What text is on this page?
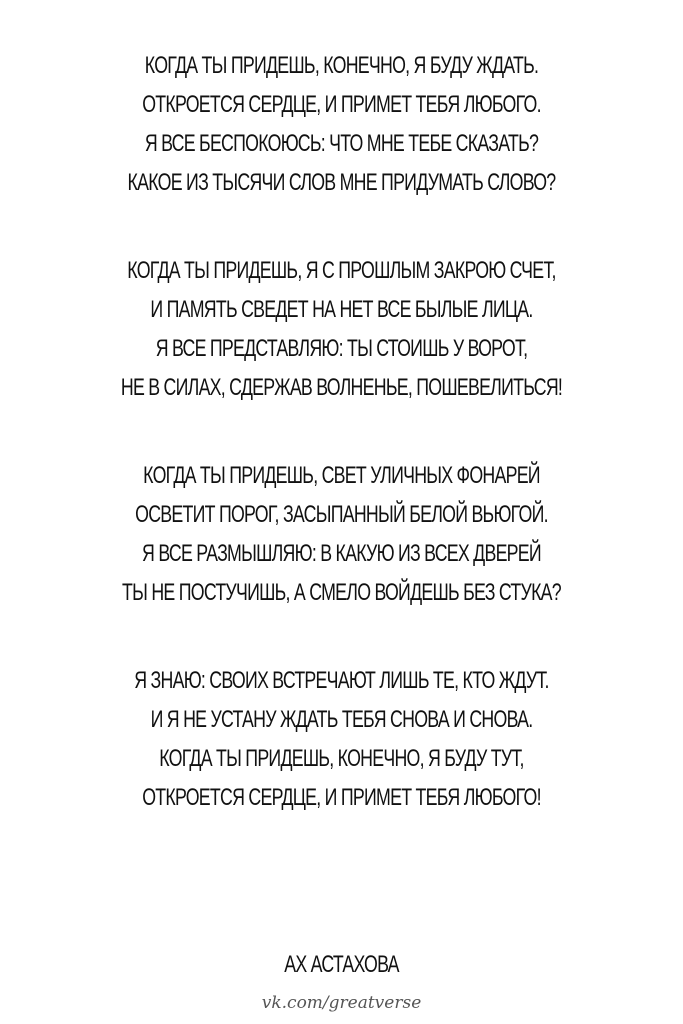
КОГДА ТЫ ПРИДЕШЬ, КОНЕЧНО, Я БУДУ ЖДАТЬ.
ОТКРОЕТСЯ СЕРДЦЕ, И ПРИМЕТ ТЕБЯ ЛЮБОГО.
Я ВСЕ БЕСПОКОЮСЬ: ЧТО МНЕ ТЕБЕ СКАЗАТЬ?
КАКОЕ ИЗ ТЫСЯЧИ СЛОВ МНЕ ПРИДУМАТЬ СЛОВО?
КОГДА ТЫ ПРИДЕШЬ, Я С ПРОШЛЫМ ЗАКРОЮ СЧЕТ,
И ПАМЯТЬ СВЕДЕТ НА НЕТ ВСЕ БЫЛЫЕ ЛИЦА.
Я ВСЕ ПРЕДСТАВЛЯЮ: ТЫ СТОИШЬ У ВОРОТ,
НЕ В СИЛАХ, СДЕРЖАВ ВОЛНЕНЬЕ, ПОШЕВЕЛИТЬСЯ!
КОГДА ТЫ ПРИДЕШЬ, СВЕТ УЛИЧНЫХ ФОНАРЕЙ
ОСВЕТИТ ПОРОГ, ЗАСЫПАННЫЙ БЕЛОЙ ВЬЮГОЙ.
Я ВСЕ РАЗМЫШЛЯЮ: В КАКУЮ ИЗ ВСЕХ ДВЕРЕЙ
ТЫ НЕ ПОСТУЧИШЬ, А СМЕЛО ВОЙДЕШЬ БЕЗ СТУКА?
Я ЗНАЮ: СВОИХ ВСТРЕЧАЮТ ЛИШЬ ТЕ, КТО ЖДУТ.
И Я НЕ УСТАНУ ЖДАТЬ ТЕБЯ СНОВА И СНОВА.
КОГДА ТЫ ПРИДЕШЬ, КОНЕЧНО, Я БУДУ ТУТ,
ОТКРОЕТСЯ СЕРДЦЕ, И ПРИМЕТ ТЕБЯ ЛЮБОГО!
АХ АСТАХОВА
vk.com/greatverse
